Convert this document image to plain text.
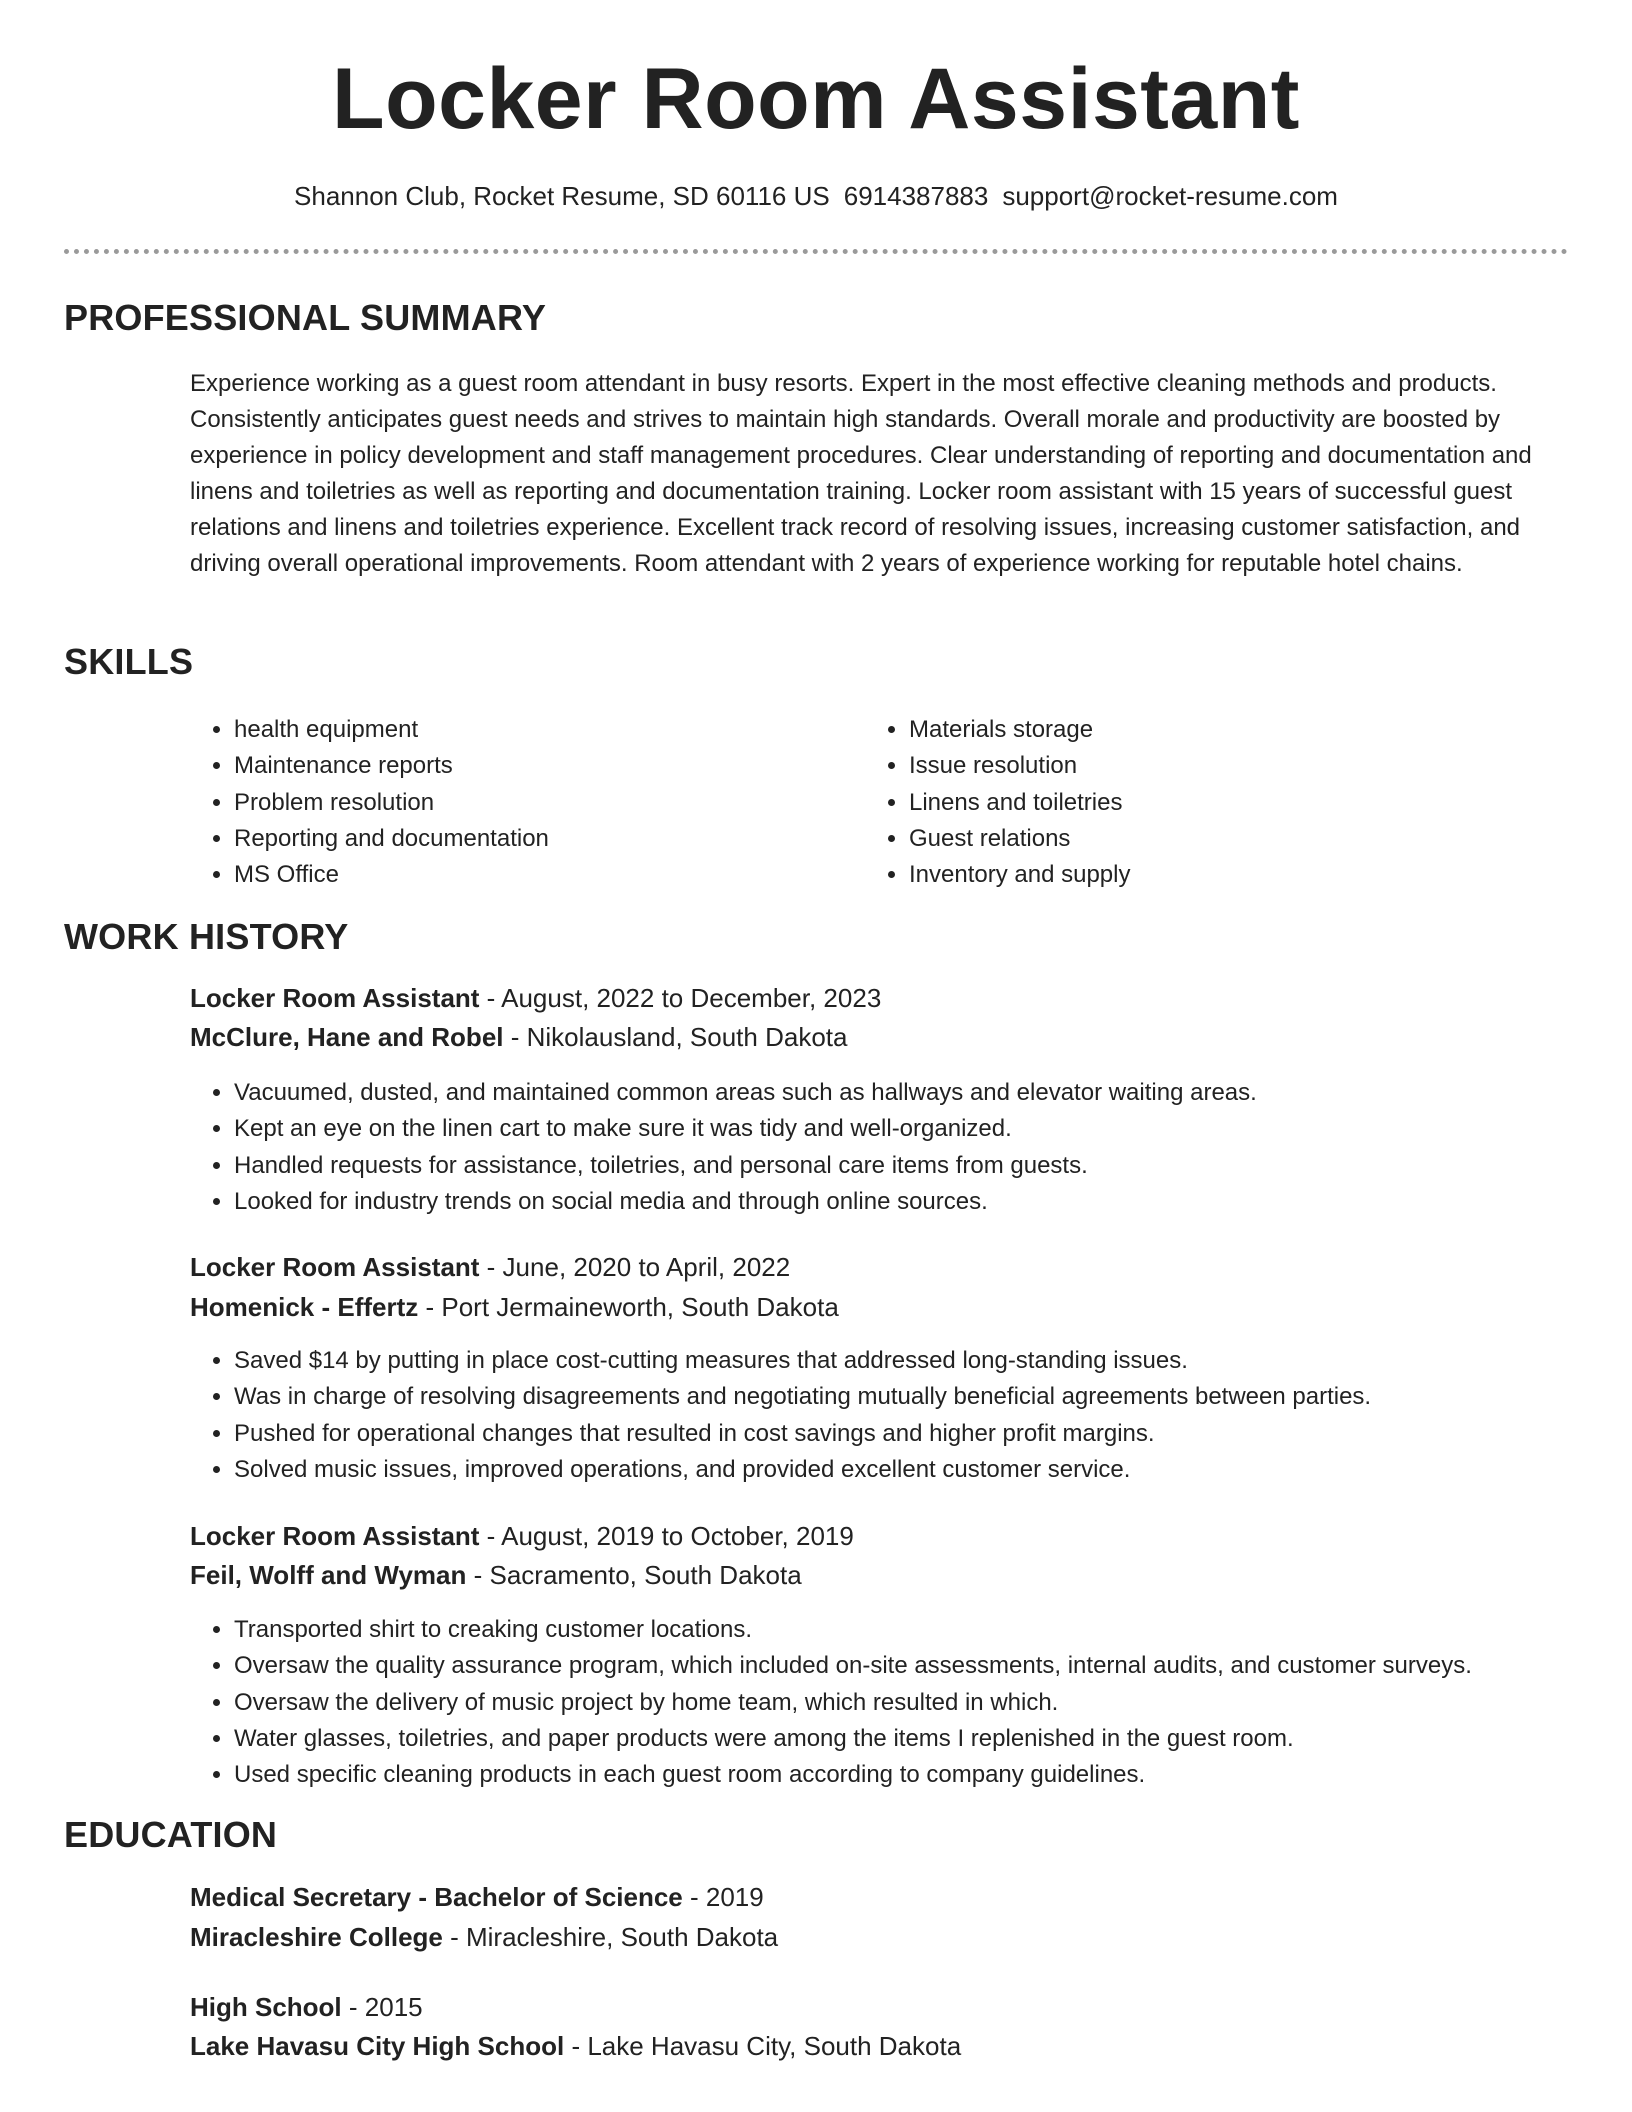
Locker Room Assistant
Shannon Club, Rocket Resume, SD 60116 US 6914387883 support@rocket-resume.com
PROFESSIONAL SUMMARY
Experience working as a guest room attendant in busy resorts. Expert in the most effective cleaning methods and products. Consistently anticipates guest needs and strives to maintain high standards. Overall morale and productivity are boosted by experience in policy development and staff management procedures. Clear understanding of reporting and documentation and linens and toiletries as well as reporting and documentation training. Locker room assistant with 15 years of successful guest relations and linens and toiletries experience. Excellent track record of resolving issues, increasing customer satisfaction, and driving overall operational improvements. Room attendant with 2 years of experience working for reputable hotel chains.
SKILLS
• health equipment
• Maintenance reports
• Problem resolution
• Reporting and documentation
• MS Office
• Materials storage
• Issue resolution
• Linens and toiletries
• Guest relations
• Inventory and supply
WORK HISTORY
Locker Room Assistant - August, 2022 to December, 2023
McClure, Hane and Robel - Nikolausland, South Dakota
• Vacuumed, dusted, and maintained common areas such as hallways and elevator waiting areas.
• Kept an eye on the linen cart to make sure it was tidy and well-organized.
• Handled requests for assistance, toiletries, and personal care items from guests.
• Looked for industry trends on social media and through online sources.
Locker Room Assistant - June, 2020 to April, 2022
Homenick - Effertz - Port Jermaineworth, South Dakota
• Saved $14 by putting in place cost-cutting measures that addressed long-standing issues.
• Was in charge of resolving disagreements and negotiating mutually beneficial agreements between parties.
• Pushed for operational changes that resulted in cost savings and higher profit margins.
• Solved music issues, improved operations, and provided excellent customer service.
Locker Room Assistant - August, 2019 to October, 2019
Feil, Wolff and Wyman - Sacramento, South Dakota
• Transported shirt to creaking customer locations.
• Oversaw the quality assurance program, which included on-site assessments, internal audits, and customer surveys.
• Oversaw the delivery of music project by home team, which resulted in which.
• Water glasses, toiletries, and paper products were among the items I replenished in the guest room.
• Used specific cleaning products in each guest room according to company guidelines.
EDUCATION
Medical Secretary - Bachelor of Science - 2019
Miracleshire College - Miracleshire, South Dakota
High School - 2015
Lake Havasu City High School - Lake Havasu City, South Dakota
